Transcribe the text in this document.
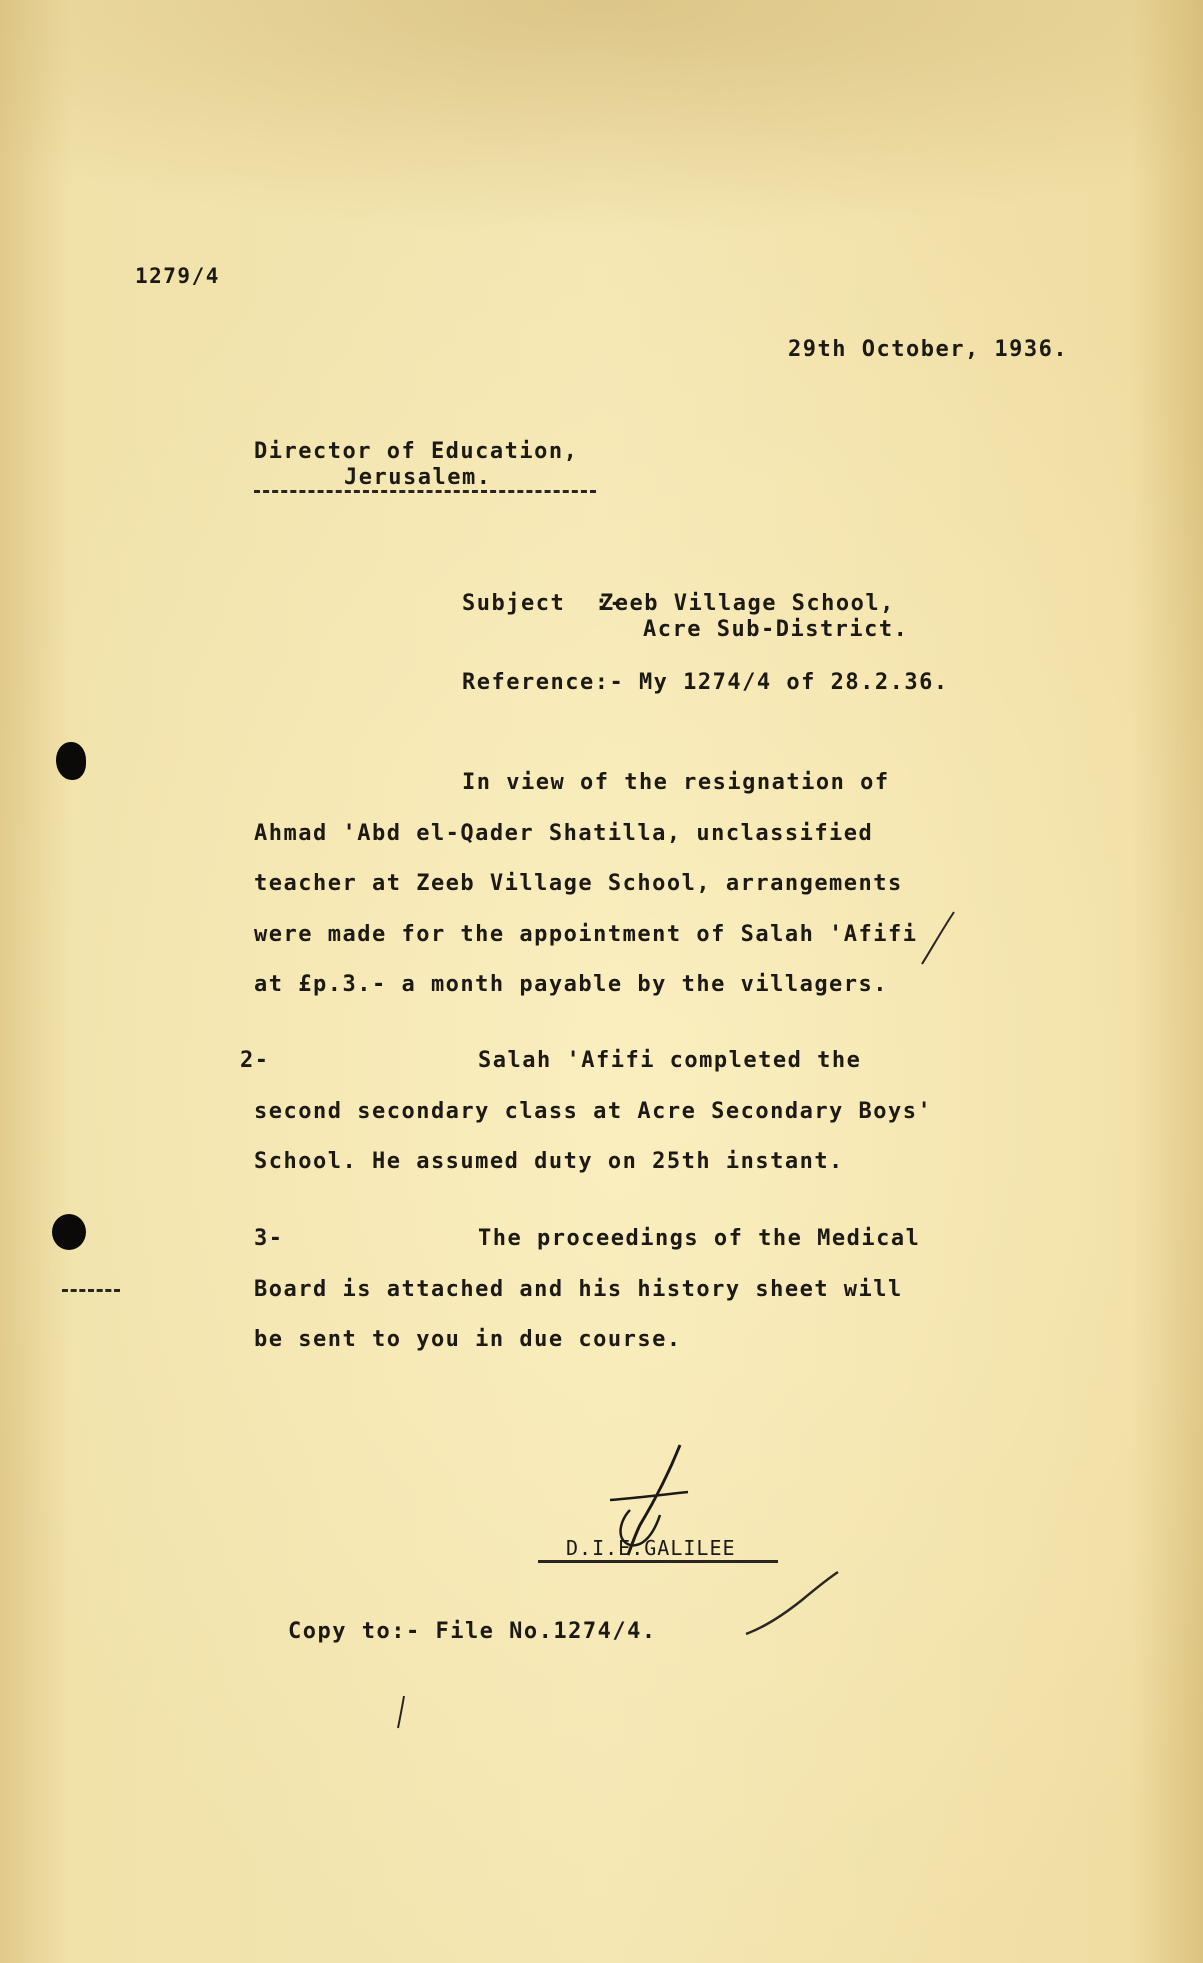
1279/4
29th October, 1936.
Director of Education,
Jerusalem.
Subject  :-
Zeeb Village School,
Acre Sub-District.
Reference:- My 1274/4 of 28.2.36.
In view of the resignation of
Ahmad 'Abd el-Qader Shatilla, unclassified
teacher at Zeeb Village School, arrangements
were made for the appointment of Salah 'Afifi
at £p.3.- a month payable by the villagers.
2-	Salah 'Afifi completed the
second secondary class at Acre Secondary Boys'
School. He assumed duty on 25th instant.
3-	The proceedings of the Medical
Board is attached and his history sheet will
be sent to you in due course.
D.I.E.GALILEE
Copy to:- File No.1274/4.
